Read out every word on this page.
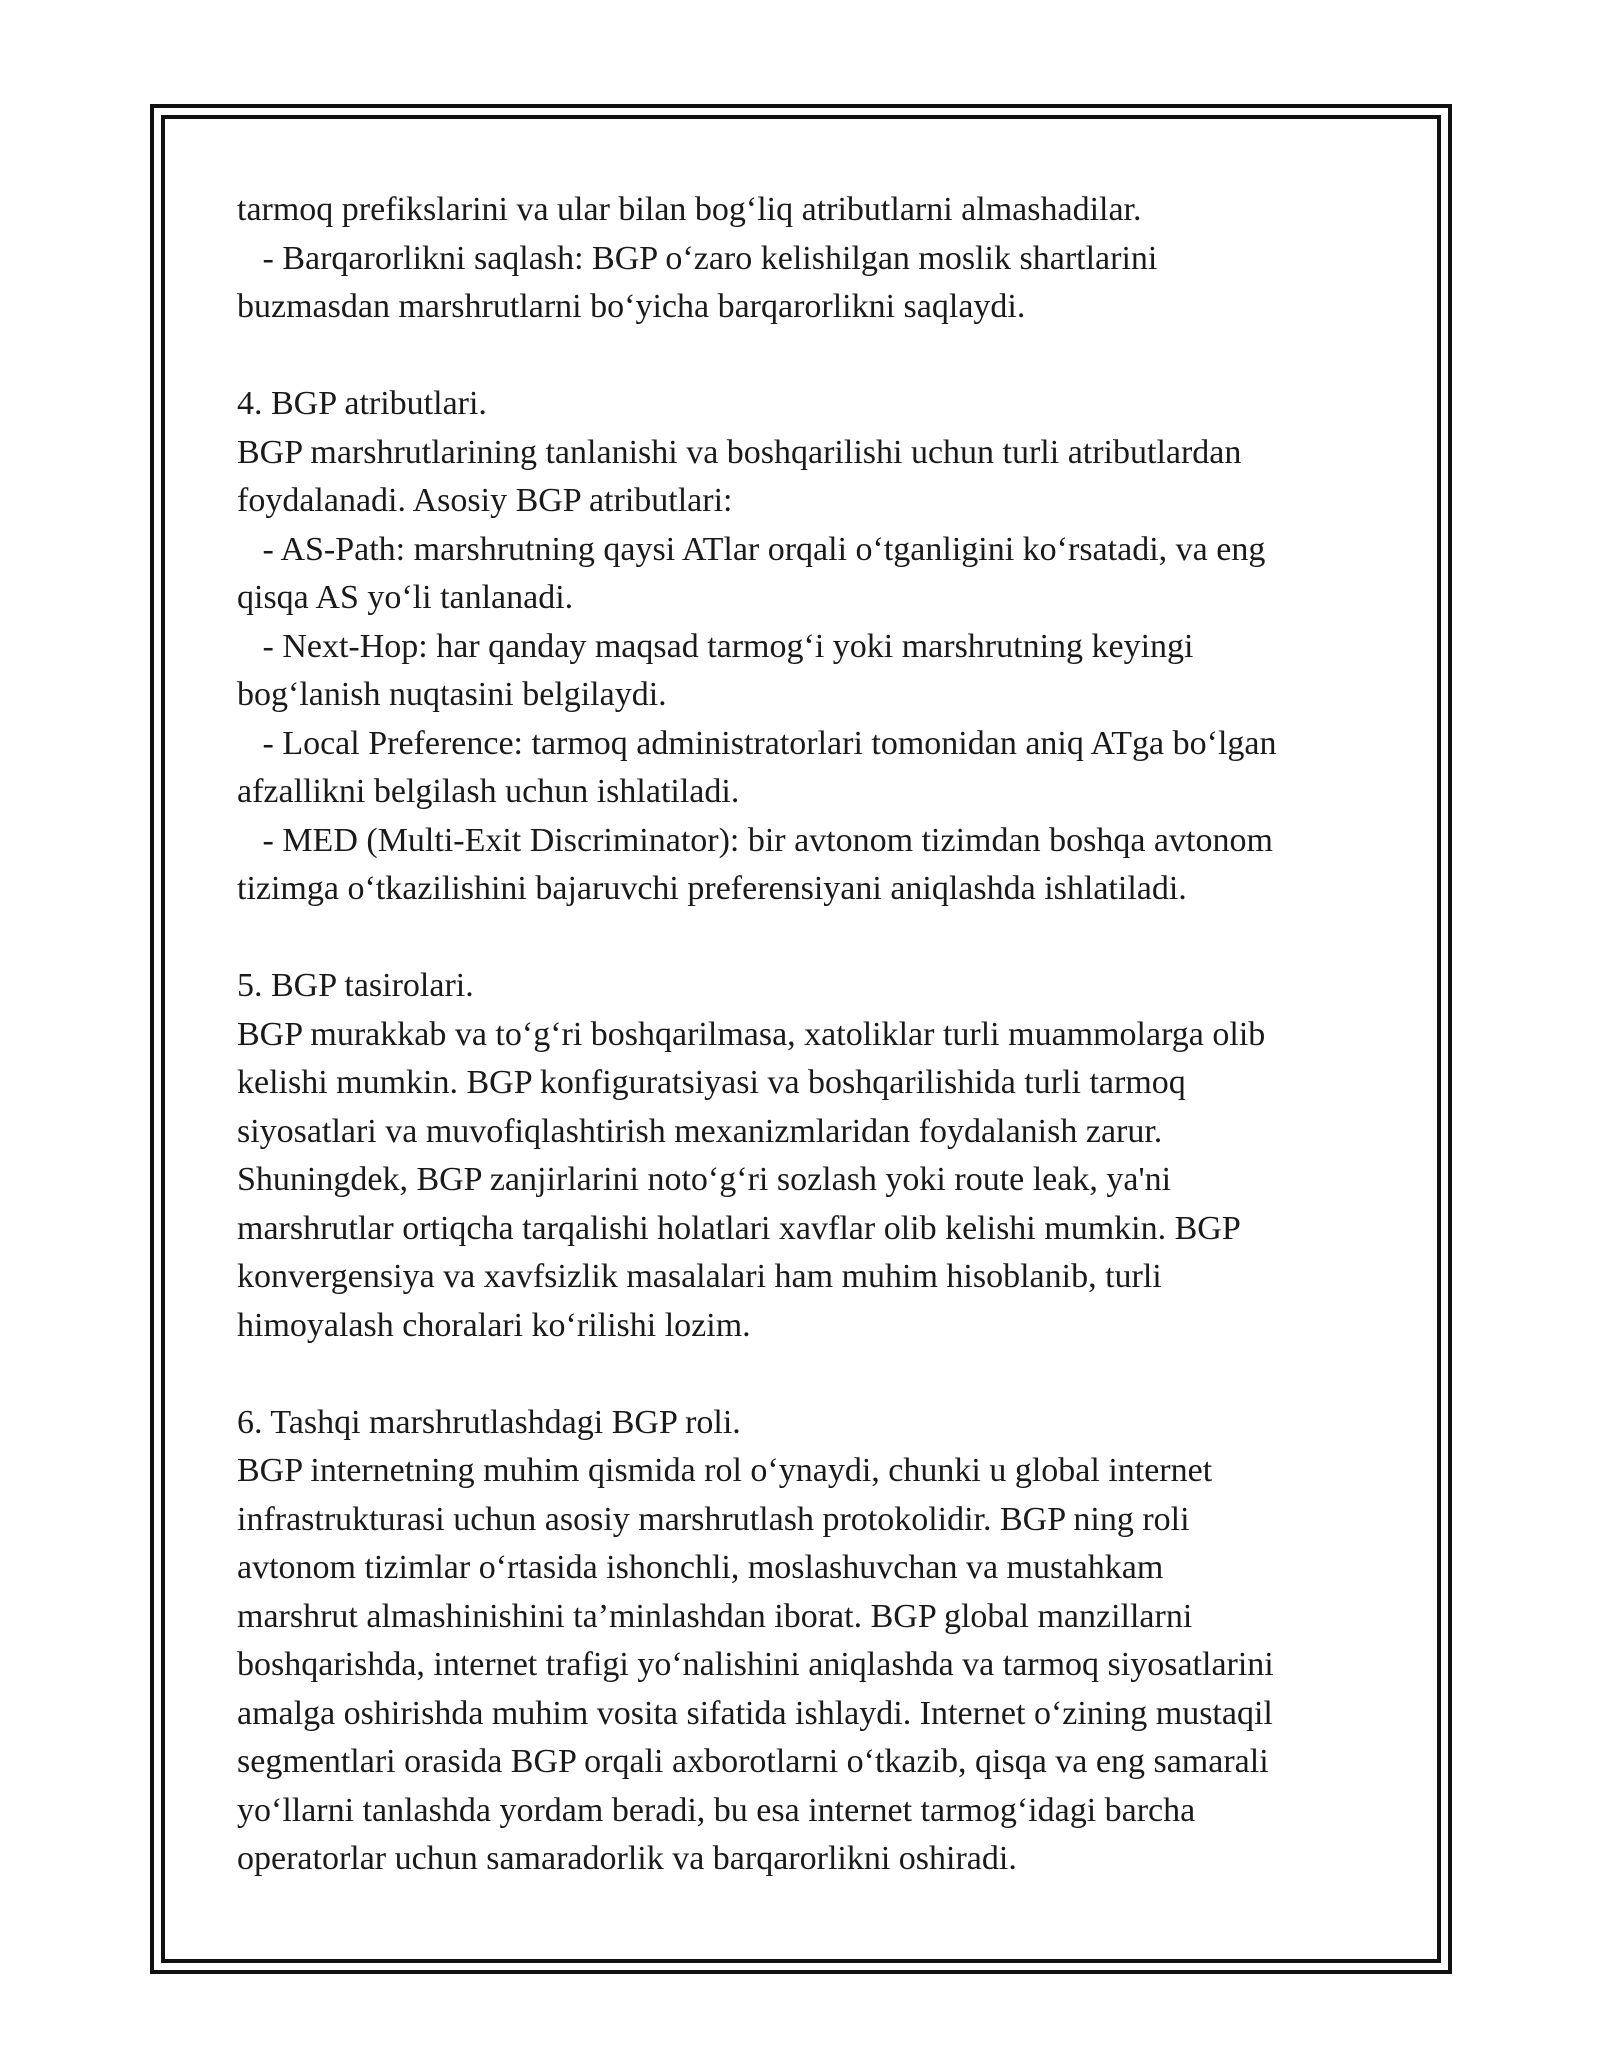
tarmoq prefikslarini va ular bilan bog‘liq atributlarni almashadilar.
- Barqarorlikni saqlash: BGP o‘zaro kelishilgan moslik shartlarini
buzmasdan marshrutlarni bo‘yicha barqarorlikni saqlaydi.
4. BGP atributlari.
BGP marshrutlarining tanlanishi va boshqarilishi uchun turli atributlardan
foydalanadi. Asosiy BGP atributlari:
- AS-Path: marshrutning qaysi ATlar orqali o‘tganligini ko‘rsatadi, va eng
qisqa AS yo‘li tanlanadi.
- Next-Hop: har qanday maqsad tarmog‘i yoki marshrutning keyingi
bog‘lanish nuqtasini belgilaydi.
- Local Preference: tarmoq administratorlari tomonidan aniq ATga bo‘lgan
afzallikni belgilash uchun ishlatiladi.
- MED (Multi-Exit Discriminator): bir avtonom tizimdan boshqa avtonom
tizimga o‘tkazilishini bajaruvchi preferensiyani aniqlashda ishlatiladi.
5. BGP tasirolari.
BGP murakkab va to‘g‘ri boshqarilmasa, xatoliklar turli muammolarga olib
kelishi mumkin. BGP konfiguratsiyasi va boshqarilishida turli tarmoq
siyosatlari va muvofiqlashtirish mexanizmlaridan foydalanish zarur.
Shuningdek, BGP zanjirlarini noto‘g‘ri sozlash yoki route leak, ya'ni
marshrutlar ortiqcha tarqalishi holatlari xavflar olib kelishi mumkin. BGP
konvergensiya va xavfsizlik masalalari ham muhim hisoblanib, turli
himoyalash choralari ko‘rilishi lozim.
6. Tashqi marshrutlashdagi BGP roli.
BGP internetning muhim qismida rol o‘ynaydi, chunki u global internet
infrastrukturasi uchun asosiy marshrutlash protokolidir. BGP ning roli
avtonom tizimlar o‘rtasida ishonchli, moslashuvchan va mustahkam
marshrut almashinishini ta’minlashdan iborat. BGP global manzillarni
boshqarishda, internet trafigi yo‘nalishini aniqlashda va tarmoq siyosatlarini
amalga oshirishda muhim vosita sifatida ishlaydi. Internet o‘zining mustaqil
segmentlari orasida BGP orqali axborotlarni o‘tkazib, qisqa va eng samarali
yo‘llarni tanlashda yordam beradi, bu esa internet tarmog‘idagi barcha
operatorlar uchun samaradorlik va barqarorlikni oshiradi.
